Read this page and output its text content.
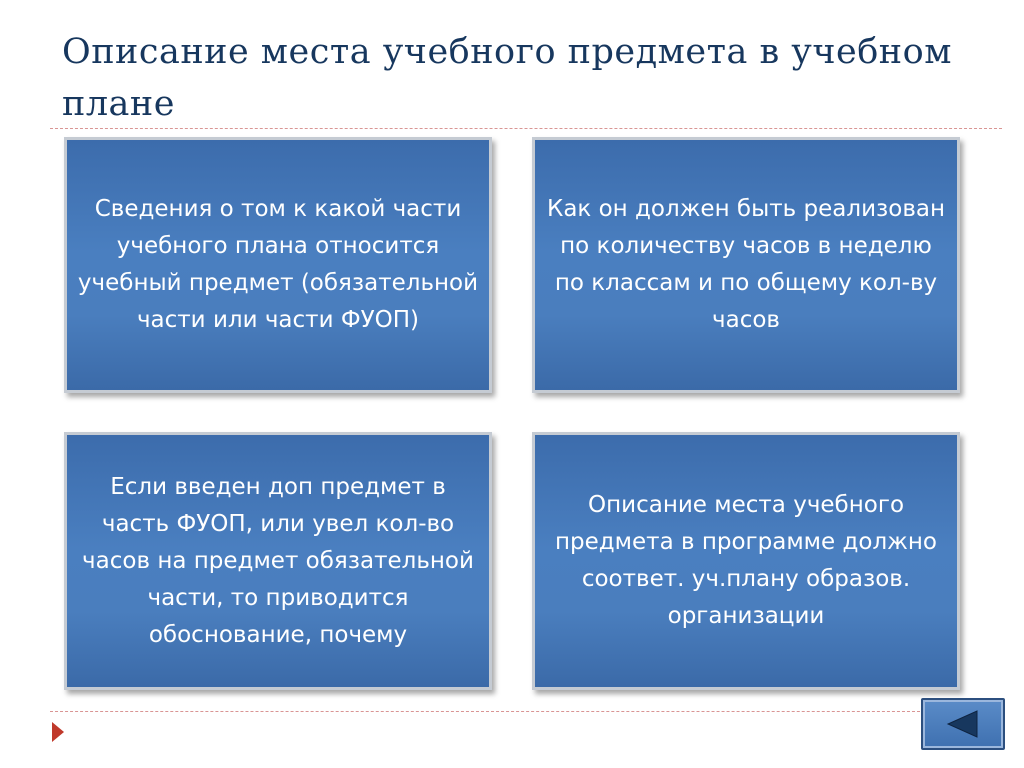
Описание места учебного предмета в учебном плане
Сведения о том к какой части учебного плана относится учебный предмет (обязательной части или части ФУОП)
Как он должен быть реализован по количеству часов в неделю по классам и по общему кол-ву часов
Если введен доп предмет в часть ФУОП, или увел кол-во часов на предмет обязательной части, то приводится обоснование, почему
Описание места учебного предмета в программе должно соответ. уч.плану образов. организации
